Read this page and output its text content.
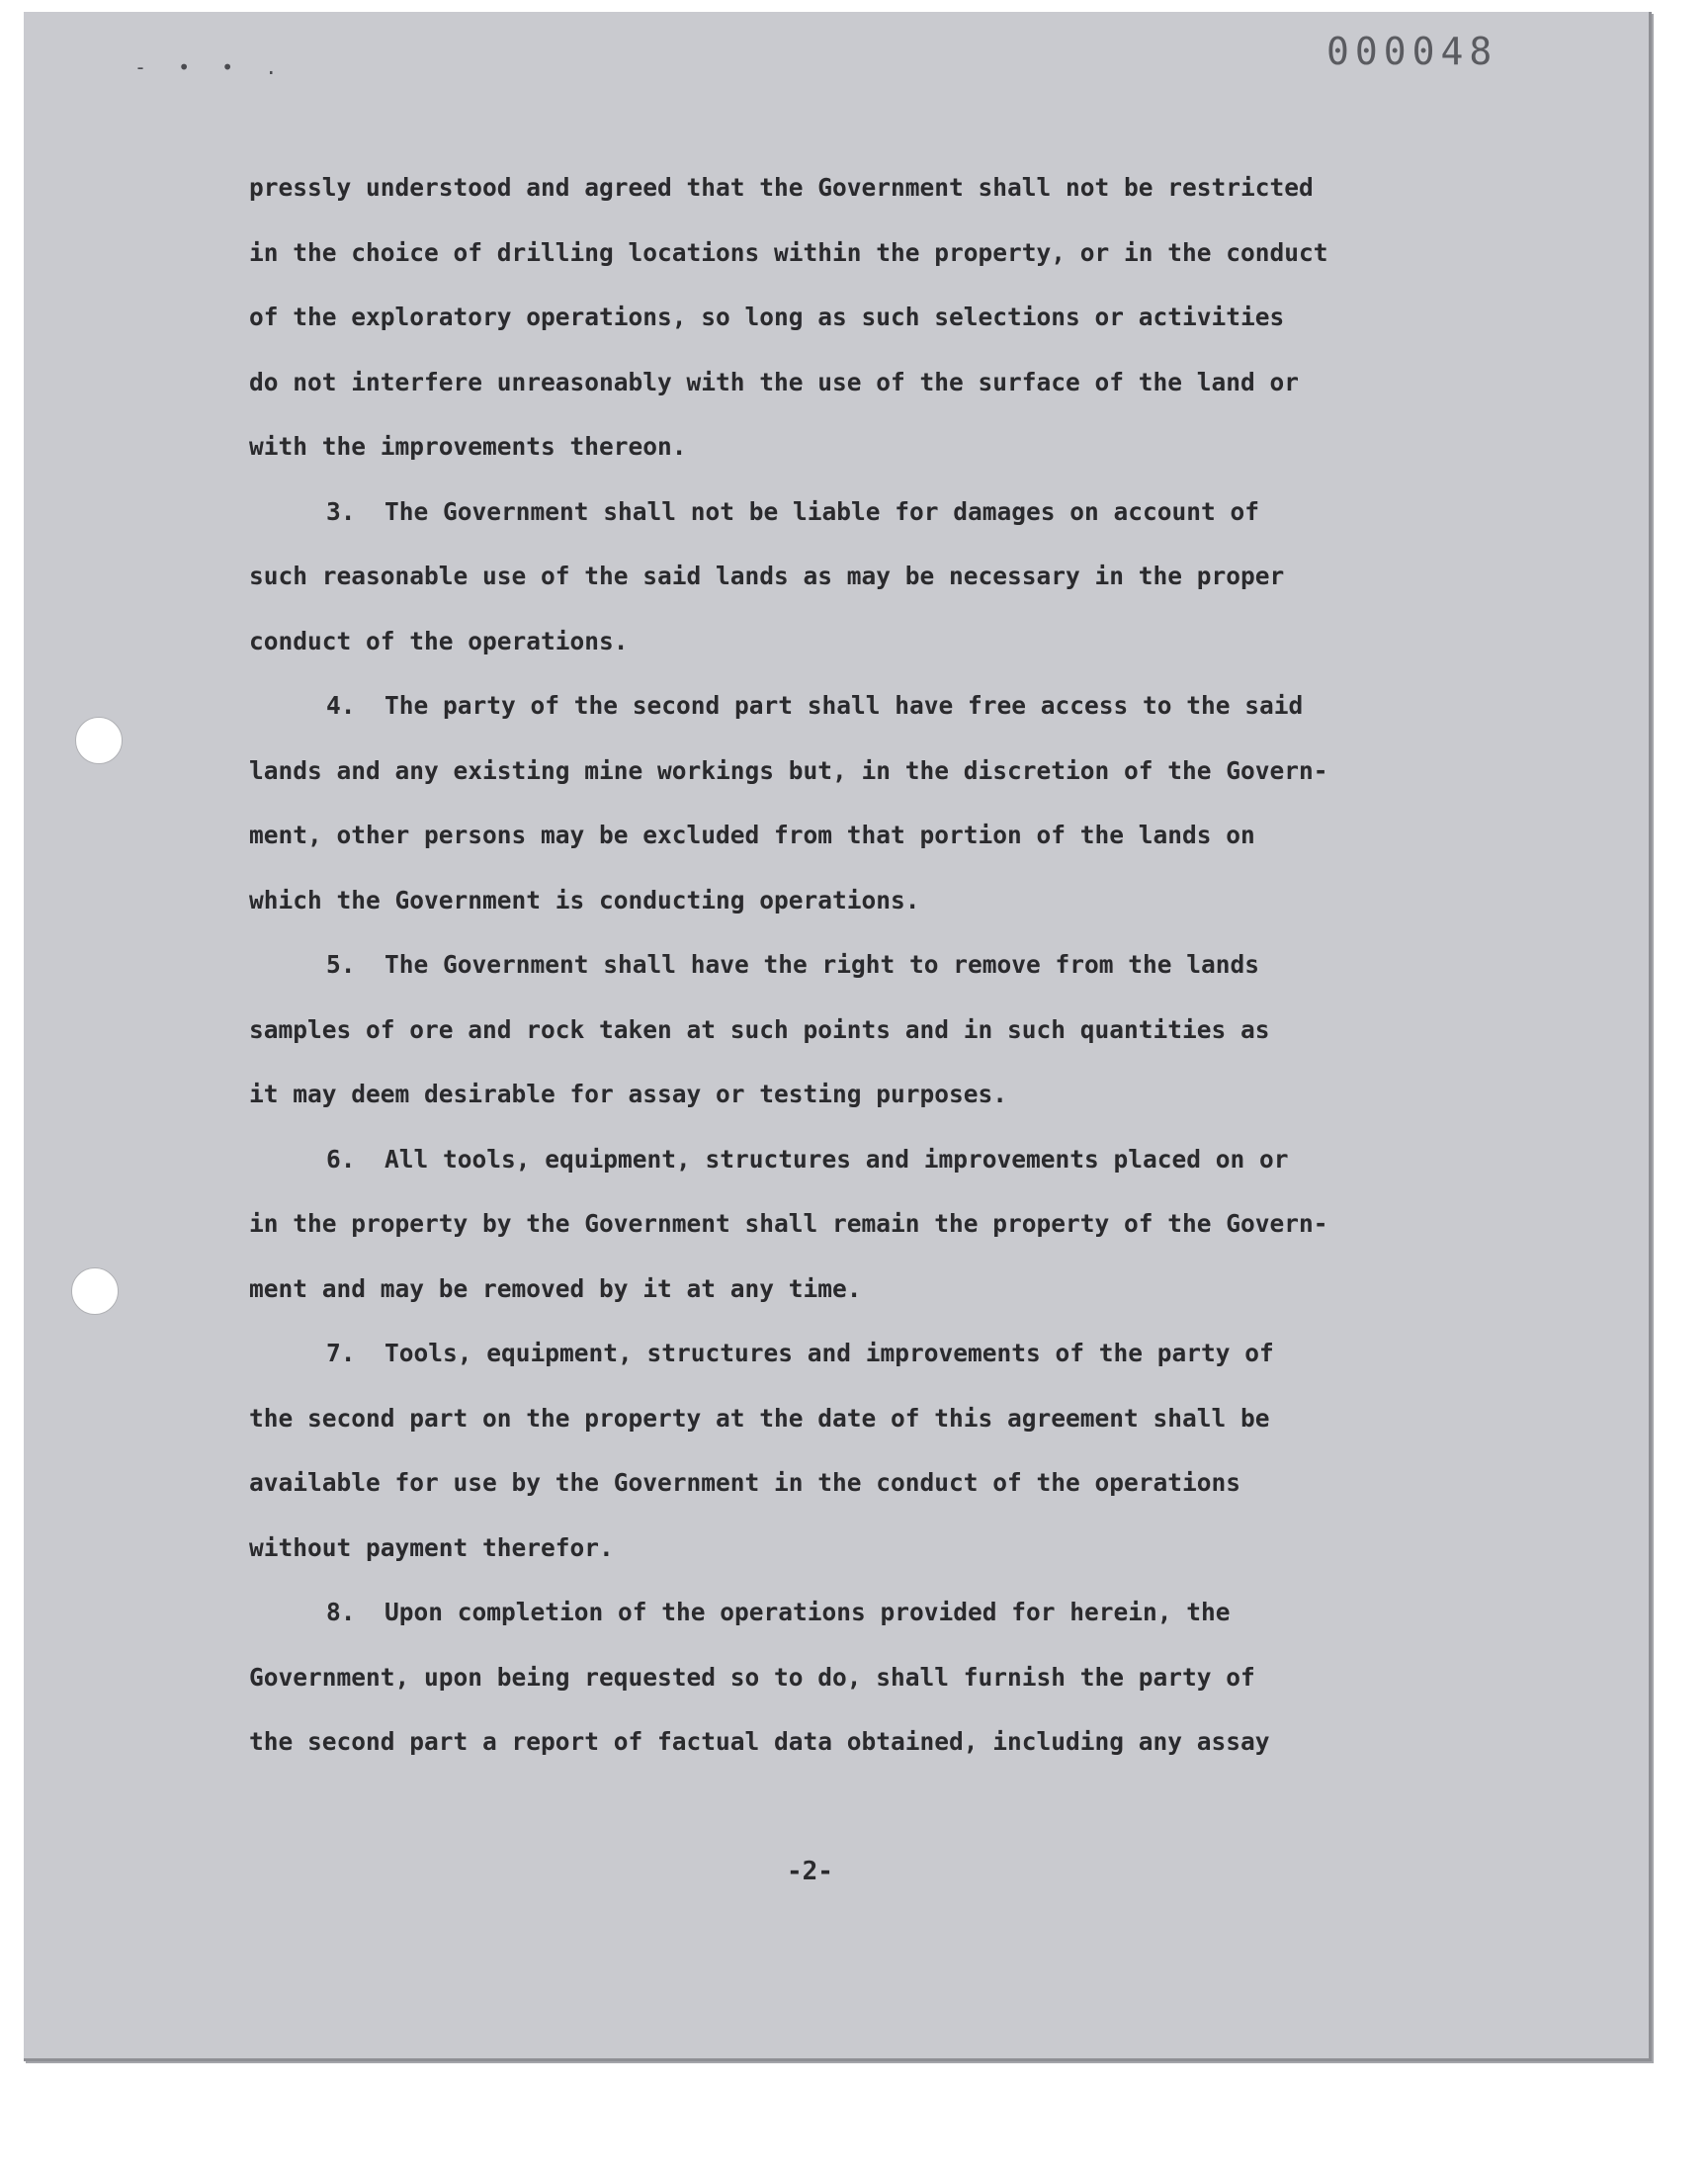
- • • .	000048
pressly understood and agreed that the Government shall not be restricted
in the choice of drilling locations within the property, or in the conduct
of the exploratory operations, so long as such selections or activities
do not interfere unreasonably with the use of the surface of the land or
with the improvements thereon.
3.  The Government shall not be liable for damages on account of
such reasonable use of the said lands as may be necessary in the proper
conduct of the operations.
4.  The party of the second part shall have free access to the said
lands and any existing mine workings but, in the discretion of the Govern-
ment, other persons may be excluded from that portion of the lands on
which the Government is conducting operations.
5.  The Government shall have the right to remove from the lands
samples of ore and rock taken at such points and in such quantities as
it may deem desirable for assay or testing purposes.
6.  All tools, equipment, structures and improvements placed on or
in the property by the Government shall remain the property of the Govern-
ment and may be removed by it at any time.
7.  Tools, equipment, structures and improvements of the party of
the second part on the property at the date of this agreement shall be
available for use by the Government in the conduct of the operations
without payment therefor.
8.  Upon completion of the operations provided for herein, the
Government, upon being requested so to do, shall furnish the party of
the second part a report of factual data obtained, including any assay
-2-
